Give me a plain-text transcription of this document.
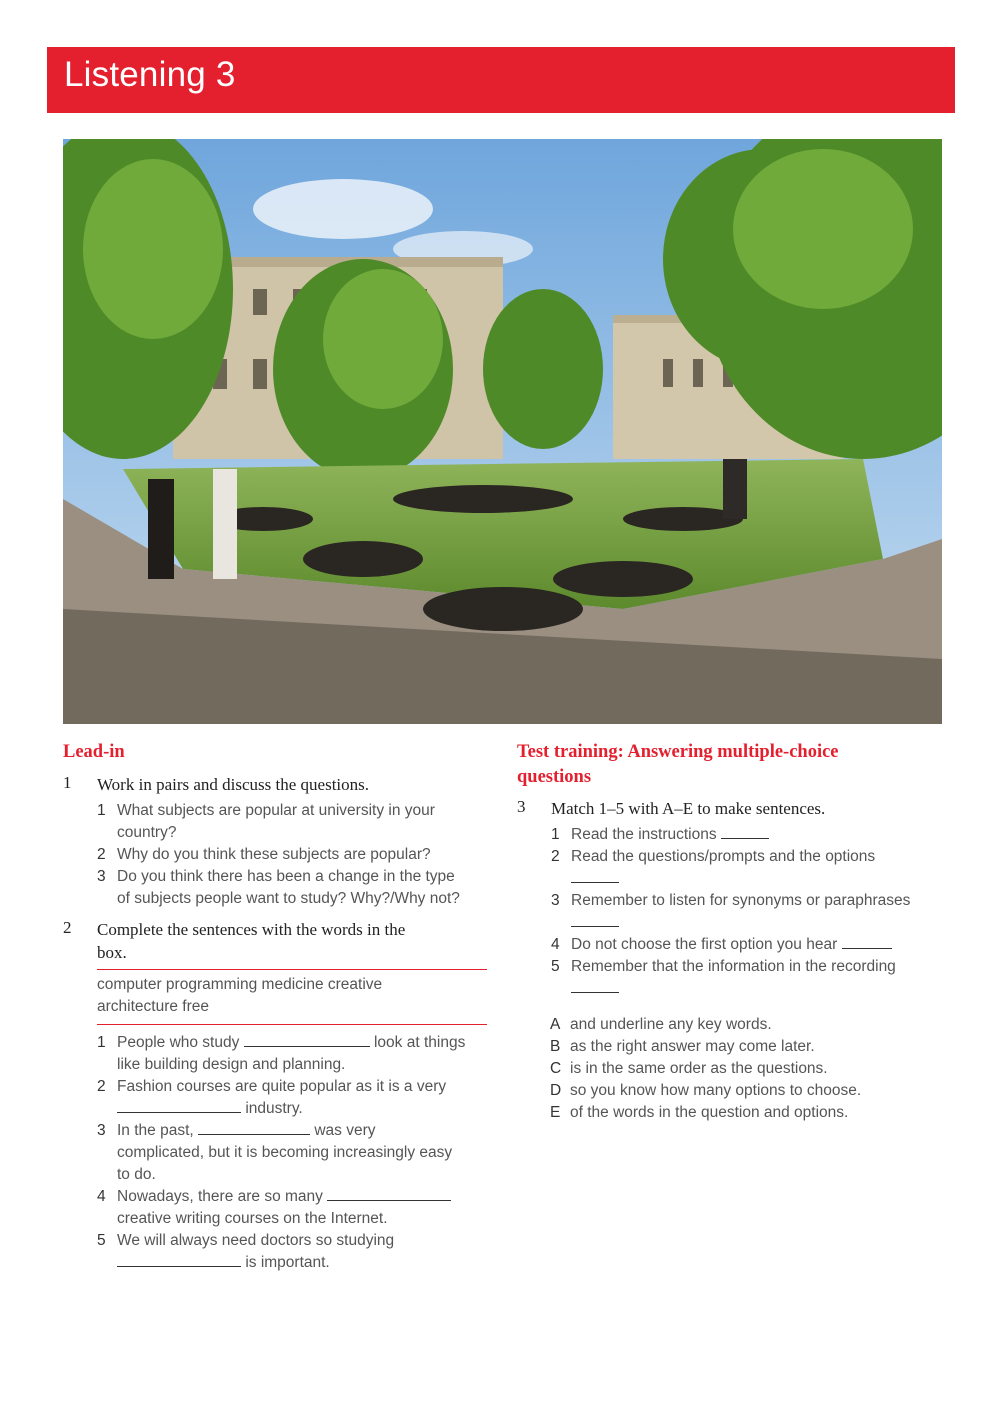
Listening 3
Lead-in
1 Work in pairs and discuss the questions.
1 What subjects are popular at university in your
country?
2 Why do you think these subjects are popular?
3 Do you think there has been a change in the type
of subjects people want to study? Why?/Why not?
2 Complete the sentences with the words in the
box.
computer programming medicine creative
architecture free
1 People who study	look at things
like building design and planning.
2 Fashion courses are quite popular as it is a very
industry.
3 In the past,	was very
complicated, but it is becoming increasingly easy
to do.
4 Nowadays, there are so many
creative writing courses on the Internet.
5 We will always need doctors so studying
is important.
Test training: Answering multiple-choice
questions
3 Match 1–5 with A–E to make sentences.
1 Read the instructions
2 Read the questions/prompts and the options

3 Remember to listen for synonyms or paraphrases

4 Do not choose the first option you hear
5 Remember that the information in the recording

A and underline any key words.
B as the right answer may come later.
C is in the same order as the questions.
D so you know how many options to choose.
E of the words in the question and options.
